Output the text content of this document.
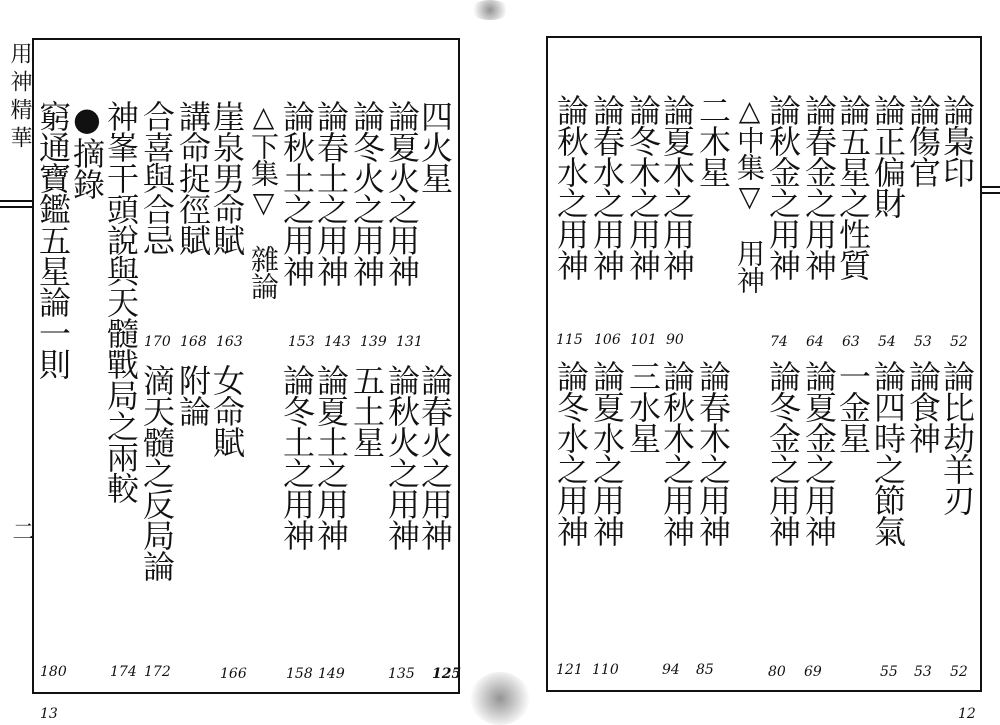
用神精華
二
四火星
論夏火之用神
論冬火之用神
論春土之用神
論秋土之用神
△下集▽　雜論
崖泉男命賦
講命捉徑賦
合喜與合忌
神峯干頭說與天髓戰局之兩較
●摘錄
窮通寶鑑五星論一則	131
139
143
153
163
168
170
論春火之用神
論秋火之用神
五土星
論夏土之用神
論冬土之用神
附論
女命賦
滴天髓之反局論
125
135
149
158
166
172
174
180
13
論梟印
論傷官
論正偏財
論五星之性質
論春金之用神
論秋金之用神
△中集▽　用神
二木星
論夏木之用神
論冬木之用神
論春水之用神
論秋水之用神
52
53
54
63
64
74
90
101
106
115
論比劫羊刃
論食神
論四時之節氣
一金星
論夏金之用神
論冬金之用神
論春木之用神
論秋木之用神
三水星
論夏水之用神
論冬水之用神
52
53
55
69
80
85
94
110
121
12
